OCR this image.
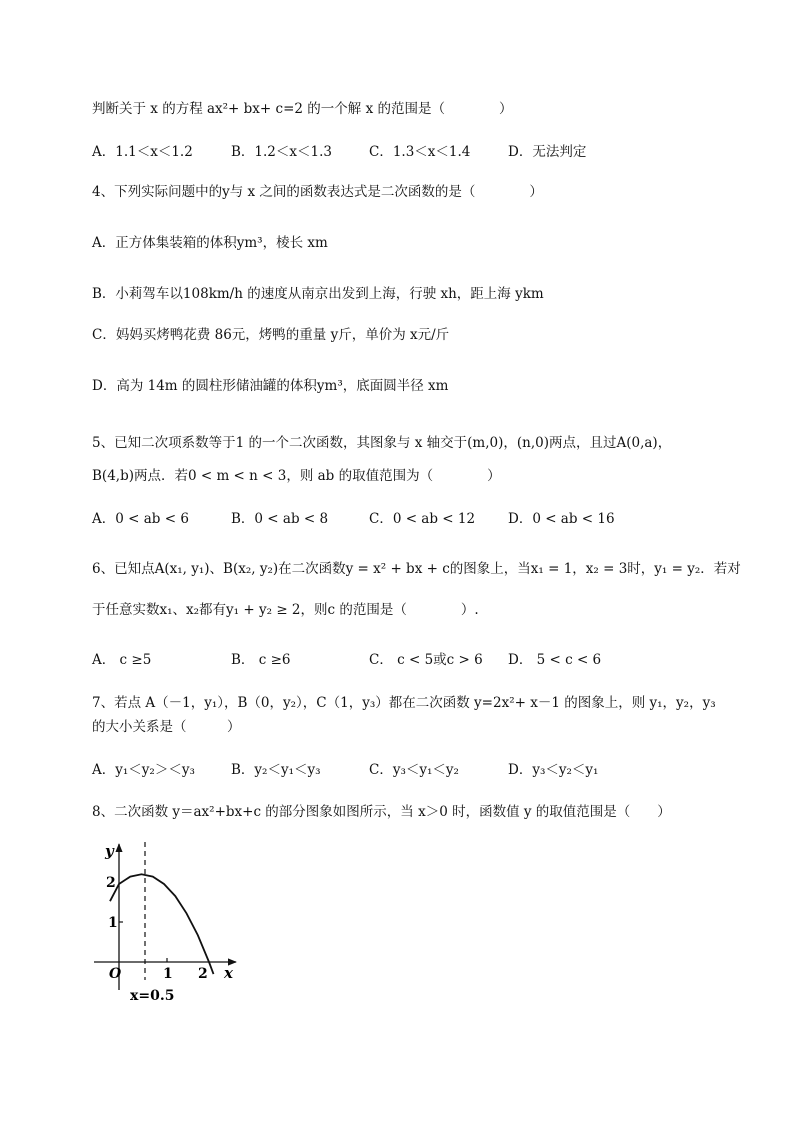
判断关于 x 的方程 ax²+ bx+ c=2 的一个解 x 的范围是（　　　　）
A．1.1＜x＜1.2	B．1.2＜x＜1.3	C．1.3＜x＜1.4	D．无法判定
4、下列实际问题中的y与 x 之间的函数表达式是二次函数的是（　　　　）
A．正方体集装箱的体积ym³，棱长 xm
B．小莉驾车以108km/h 的速度从南京出发到上海，行驶 xh，距上海 ykm
C．妈妈买烤鸭花费 86元，烤鸭的重量 y斤，单价为 x元/斤
D．高为 14m 的圆柱形储油罐的体积ym³，底面圆半径 xm
5、已知二次项系数等于1 的一个二次函数，其图象与 x 轴交于(m,0)，(n,0)两点，且过A(0,a)，
B(4,b)两点．若0 < m < n < 3，则 ab 的取值范围为（　　　　）
A．0 < ab < 6	B．0 < ab < 8	C．0 < ab < 12 D．0 < ab < 16
6、已知点A(x₁, y₁)、B(x₂, y₂)在二次函数y = x² + bx + c的图象上，当x₁ = 1，x₂ = 3时，y₁ = y₂．若对
于任意实数x₁、x₂都有y₁ + y₂ ≥ 2，则c 的范围是（　　　　）.
A． c ≥5	B． c ≥6	C． c < 5或c > 6 D． 5 < c < 6
7、若点 A（－1，y₁），B（0，y₂），C（1，y₃）都在二次函数 y=2x²+ x－1 的图象上，则 y₁，y₂，y₃
的大小关系是（　　　）
A．y₁＜y₂＞＜y₃	B．y₂＜y₁＜y₃	C．y₃＜y₁＜y₂	D．y₃＜y₂＜y₁
8、二次函数 y＝ax²+bx+c 的部分图象如图所示，当 x＞0 时，函数值 y 的取值范围是（　　）
y
x
O
2
1
1 2
x=0.5
